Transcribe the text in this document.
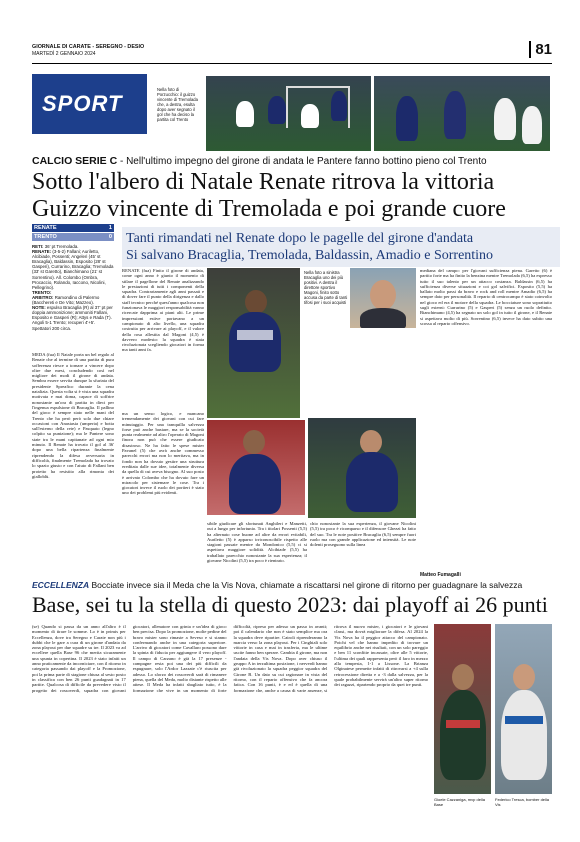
GIORNALE DI CARATE - SEREGNO - DESIO
MARTEDÌ 2 GENNAIO 2024	81
SPORT
Nella foto di Porzucchio: il guizzo vincente di Tremolada che, a destra, esulta dopo aver segnato il gol che ha deciso la partita col Trento
CALCIO SERIE C - Nell'ultimo impegno del girone di andata le Pantere fanno bottino pieno col Trento
Sotto l'albero di Natale Renate ritrova la vittoria
Guizzo vincente di Tremolada e poi grande cuore
RENATE	1
TRENTO	0
RETI: 36' pt Tremolada.
RENATE: (3-5-2) Fallani; Auriletto, Alcibiade, Possenti; Angeleri (45' st Bracaglia), Baldassin, Esposito (28' st Gasperi), Currarino, Bracaglia; Tremolada (33' st Garetto), Bianchimano (21' st Sorrentino). All. Colombo (Ombra, Procaccio, Rolando, Iaccono, Nicolini, Pellegrino).
TRENTO:
ARBITRO: Ramondino di Palermo (Bacchereti e De Vito; Mazzeo).
NOTE: espulso Bracaglia (R) al 37' pt per doppia ammonizione; ammoniti Fallani, Esposito e Gasperi (R); Attys e Rada (T). Angoli 5-1 Trento; recuperi 4'+5'. Spettatori 200 circa.
MEDA (fua) Il Natale porta un bel regalo al Renate che al termine di una partita di pura sofferenza riesce a tornare a vincere dopo oltre due mesi, concludendo così nel migliore dei modi il girone di andata. Sembra essere servita dunque la sfuriata del presidente Spreafico durante la cena natalizia. Questa volta si è vista una squadra motivata e mai doma, capace di soffrire nonostante un'ora di partita in dieci per l'ingenua espulsione di Bracaglia. Il pallino del gioco è sempre stato nelle mani del Trento che ha però però solo due chiare occasioni con Anastasia (umperia) e botta sull'esterno della rete) e Pasquato (legno colpito su punizione); ma le Pantere sono state tra le mani capitanate ad ogni mio minuto. Il Renate ha trovato il gol al 36' dopo una bella ripartenza finalmente riprendendo la difesa avversaria in difficoltà, finalmente Tremolada ha trovato lo spazio giusto e con l'aiuto di Fallani ben protetto ha resistito alla rimonta dei gialloblù.
Tanti rimandati nel Renate dopo le pagelle del girone d'andata
Si salvano Bracaglia, Tremolada, Baldassin, Amadio e Sorrentino
RENATE (fua) Finito il girone di andata, come ogni anno è giunto il momento di stilare il pagellone del Renate analizzando le prestazioni di tutti i componenti della squadra. Contrariamente agli anni passati e di dover fare il punto della dirigenza e dallo staff tecnico perché quest'anno qualcosa non funzionava le maggiori responsabilità vanno ricercate dapprima ai piani alti. Le prime impressioni estive portavano a un campionato di alto livello, una squadra costruita per arrivare ai playoff, e il valore della rosa allestita dal Magoni (4,5) è davvero modesto: la squadra è stata rivoluzionata scegliendo giocatori in forma ma tanti anni fa.
Nella foto a sinistra Bracaglia uno dei più positivi. A destra il direttore sportivo Magoni, finito sotto accusa da parte di tanti tifosi per i suoi acquisti
mediana del campo: per l'giovani sufficienza piena. Garetto (6) è partito forte ma ha finito la benzina mentre Tremolada (6,5) ha espresso tutto il suo talento per un attacco costanza. Baldassin (6,5) ha sufficienza diverse situazioni e coi gol salvifici. Esposito (5,5) ha ballato molto passi da bravo e rock and roll mentre Amadio (6,5) ha sempre dato per personalità. Il reparto di centrocampo è stato coinvolto nel gioco ed era il motore della squadra. Le bocciature sono soprattutto sugli esterni: Currarino (5) e Gasperi (5) senza un ruolo definito. Bianchimano (4,5) ha segnato un solo gol in tutto il girone, e il Renate si aspettava molto di più. Sorrentino (6,5) invece ha dato subito una scossa al reparto offensivo.
ma un senso logico, e mancano tremendamente dei giovani con cui fare minutaggio. Per una tranquilla salvezza forse può anche bastare, ma se la società punta realmente ad altro l'operato di Magoni finora non può che essere giudicato disastroso. Ne ha fatto le spese mister Pavanel (5) che avrà anche commesso parecchi errori ma non lo meritava, ma in fondo non ha dovuto gestire una struttura ereditata dalle sue idee, totalmente diversa da quella di cui aveva bisogno. Al suo posto è arrivato Colombo che ha dovuto fare un miracolo per sistemare le cose. Tra i giocatori invece il ruolo dei portieri è stato uno dei problemi più evidenti.
sibile giudicare gli sfortunati Anghileri e Manzetti, out a lungo per infortunio. Tra i titolari Possenti (5,5) ha alternato cose buone ad altre da errori evitabili, Auriletto (5) è apparso irriconoscibile rispetto alle stagioni passate mentre da Mondonico (5,5) ci si aspettava maggiore solidità. Alcibiade (5,5) ha traballato parecchio nonostante la sua esperienza; il giovane Nicolini (5,5) tra poco è rientrato.
chio nonostante la sua esperienza, il giovane Nicolini (5,5) tra poco è ricomparso e il difensore Ghezzi ha fatto del suo. Tra le note positive Bracaglia (6,5) sempre fuori ruolo ma con grande applicazione ed intensità. Le note dolenti proseguono sulla linea
Matteo Fumagalli
ECCELLENZA Bocciate invece sia il Meda che la Vis Nova, chiamate a riscattarsi nel girone di ritorno per guadagnare la salvezza
Base, sei tu la stella di questo 2023: dai playoff ai 26 punti
(se) Quando si passa da un anno all'altro è il momento di tirare le somme. Lo è in primis per Eccellenza, dove tra Seregno e Carate non più i dubbi che le gare a cura di un girone d'andata da zona playout per due squadre su tre. Il 2023 va ad eccellere quella Base 96 che merita sicuramente una spunta in copertina. Il 2023 è stato infatti un anno praticamente da incorniciare, con il ritorno in categoria passando dai playoff e la Promozione, poi la prima parte di stagione chiusa al sesto posto in classifica con ben 26 punti guadagnati in 17 partite. Qualcosa di difficile da prevedere visto il progetto dei rossoverdi, squadra con giovani giocatori, allenatore con grinta e un'idea di gioco ben precisa. Dopo la promozione, molte pedine del bravo mister sono rimaste a Seveso e si stanno confermando anche in una categoria superiore. L'arrivo di giocatori come Cavallaro possono dare la spinta di fiducia per aggiungere il vero playoff. Il campo di Carzano è già la 17 presenze - campagne resta poi una dei più difficili da espugnare, solo l'Ardor Lazzate c'è riuscita per adesso. Lo sforzo dei rossoverdi sarà di rimanere piena, quella del Meda, molto distante rispetto alle attese. Il Meda ha infatti sbagliato tutto, è la formazione che vive in un momento di forte difficoltà, ripreso per adesso un passo in avanti; poi il calendario che non è stato semplice ma ora la squadra deve ripartire. Cairoli riprenderanno la marcia verso la zona playout. Per i Cinghiali solo vittorie in casa e mai in trasferta, ma le ultime uscite fanno ben sperare. Cambia il girone, ma non l'andata della Vis Nova. Dopo aver chiuso il gruppo A in terzultima posizione, i nerverdi hanno già rivoluzionato la squadra peggior squadra del Girone B. Un dato su cui ragionare in vista del ritorno, con il reparto offensivo che fa ancora fatica. Con 16 punti, è e ed è quella di una formazione che, anche a causa di varie assenze, si ritrova il nuovo mister, i giocatori e le giovani classi, ma dovrà migliorare la difesa. Al 2024 la Vis Nova ha il peggior attacco del campionato. Poichi vel che hanno impedito di trovare un equilibrio anche nei risultati, con un solo pareggio e ben 11 sconfitte incassate, oltre alle 5 vittorie, l'ultima dei quali rappresenta però il faro in mezzo alla tempesta, 1-1 a Lissone. La Brianza Olginatese permette infatti di ritrovarsi a +4 sulla retrocessione diretta e a -3 dalla salvezza, per la quale probabilmente servirà un'altro super ritorno dei ragazzi, ripartendo proprio da quei tre punti.
Gioele Cazzaniga, mvp della Base
Federico Tresca, bomber della Vis
